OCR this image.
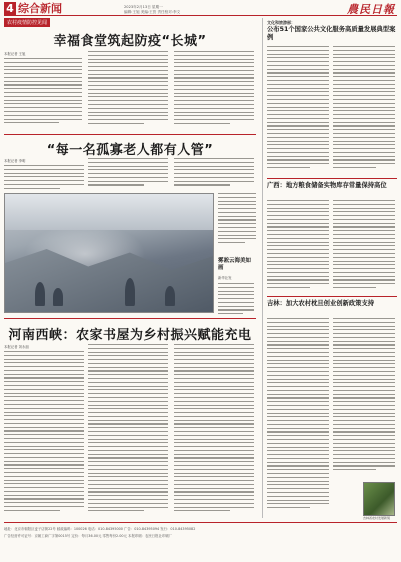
4 综合新闻	2023年2月13日 星期一
编辑:王旭 美编:王贺 责任校对:李文	農民日報
农村疫情防控见闻
幸福食堂筑起防疫“长城”
本报记者 王旭
“每一名孤寡老人都有人管”
本报记者 李明
雾凇云海美如画
新华社发
河南西峡：农家书屋为乡村振兴赋能充电
本报记者 刘永朋
文化和旅游部：
公布51个国家公共文化服务高质量发展典型案例
广西：地方粮食储备实物库存常量保持高位
吉林：加大农村枕旦创业创新政策支持
吉林省农村发展新貌
地址：北京市朝阳区麦子店街22号 邮政编码：100026 电话：010-84395000 广告：010-84395094 发行：010-84395082
广告经营许可证号：京朝工商广字第0015号 定价：每月36.00元 零售每份2.00元 本报印刷：农民日报社印刷厂
